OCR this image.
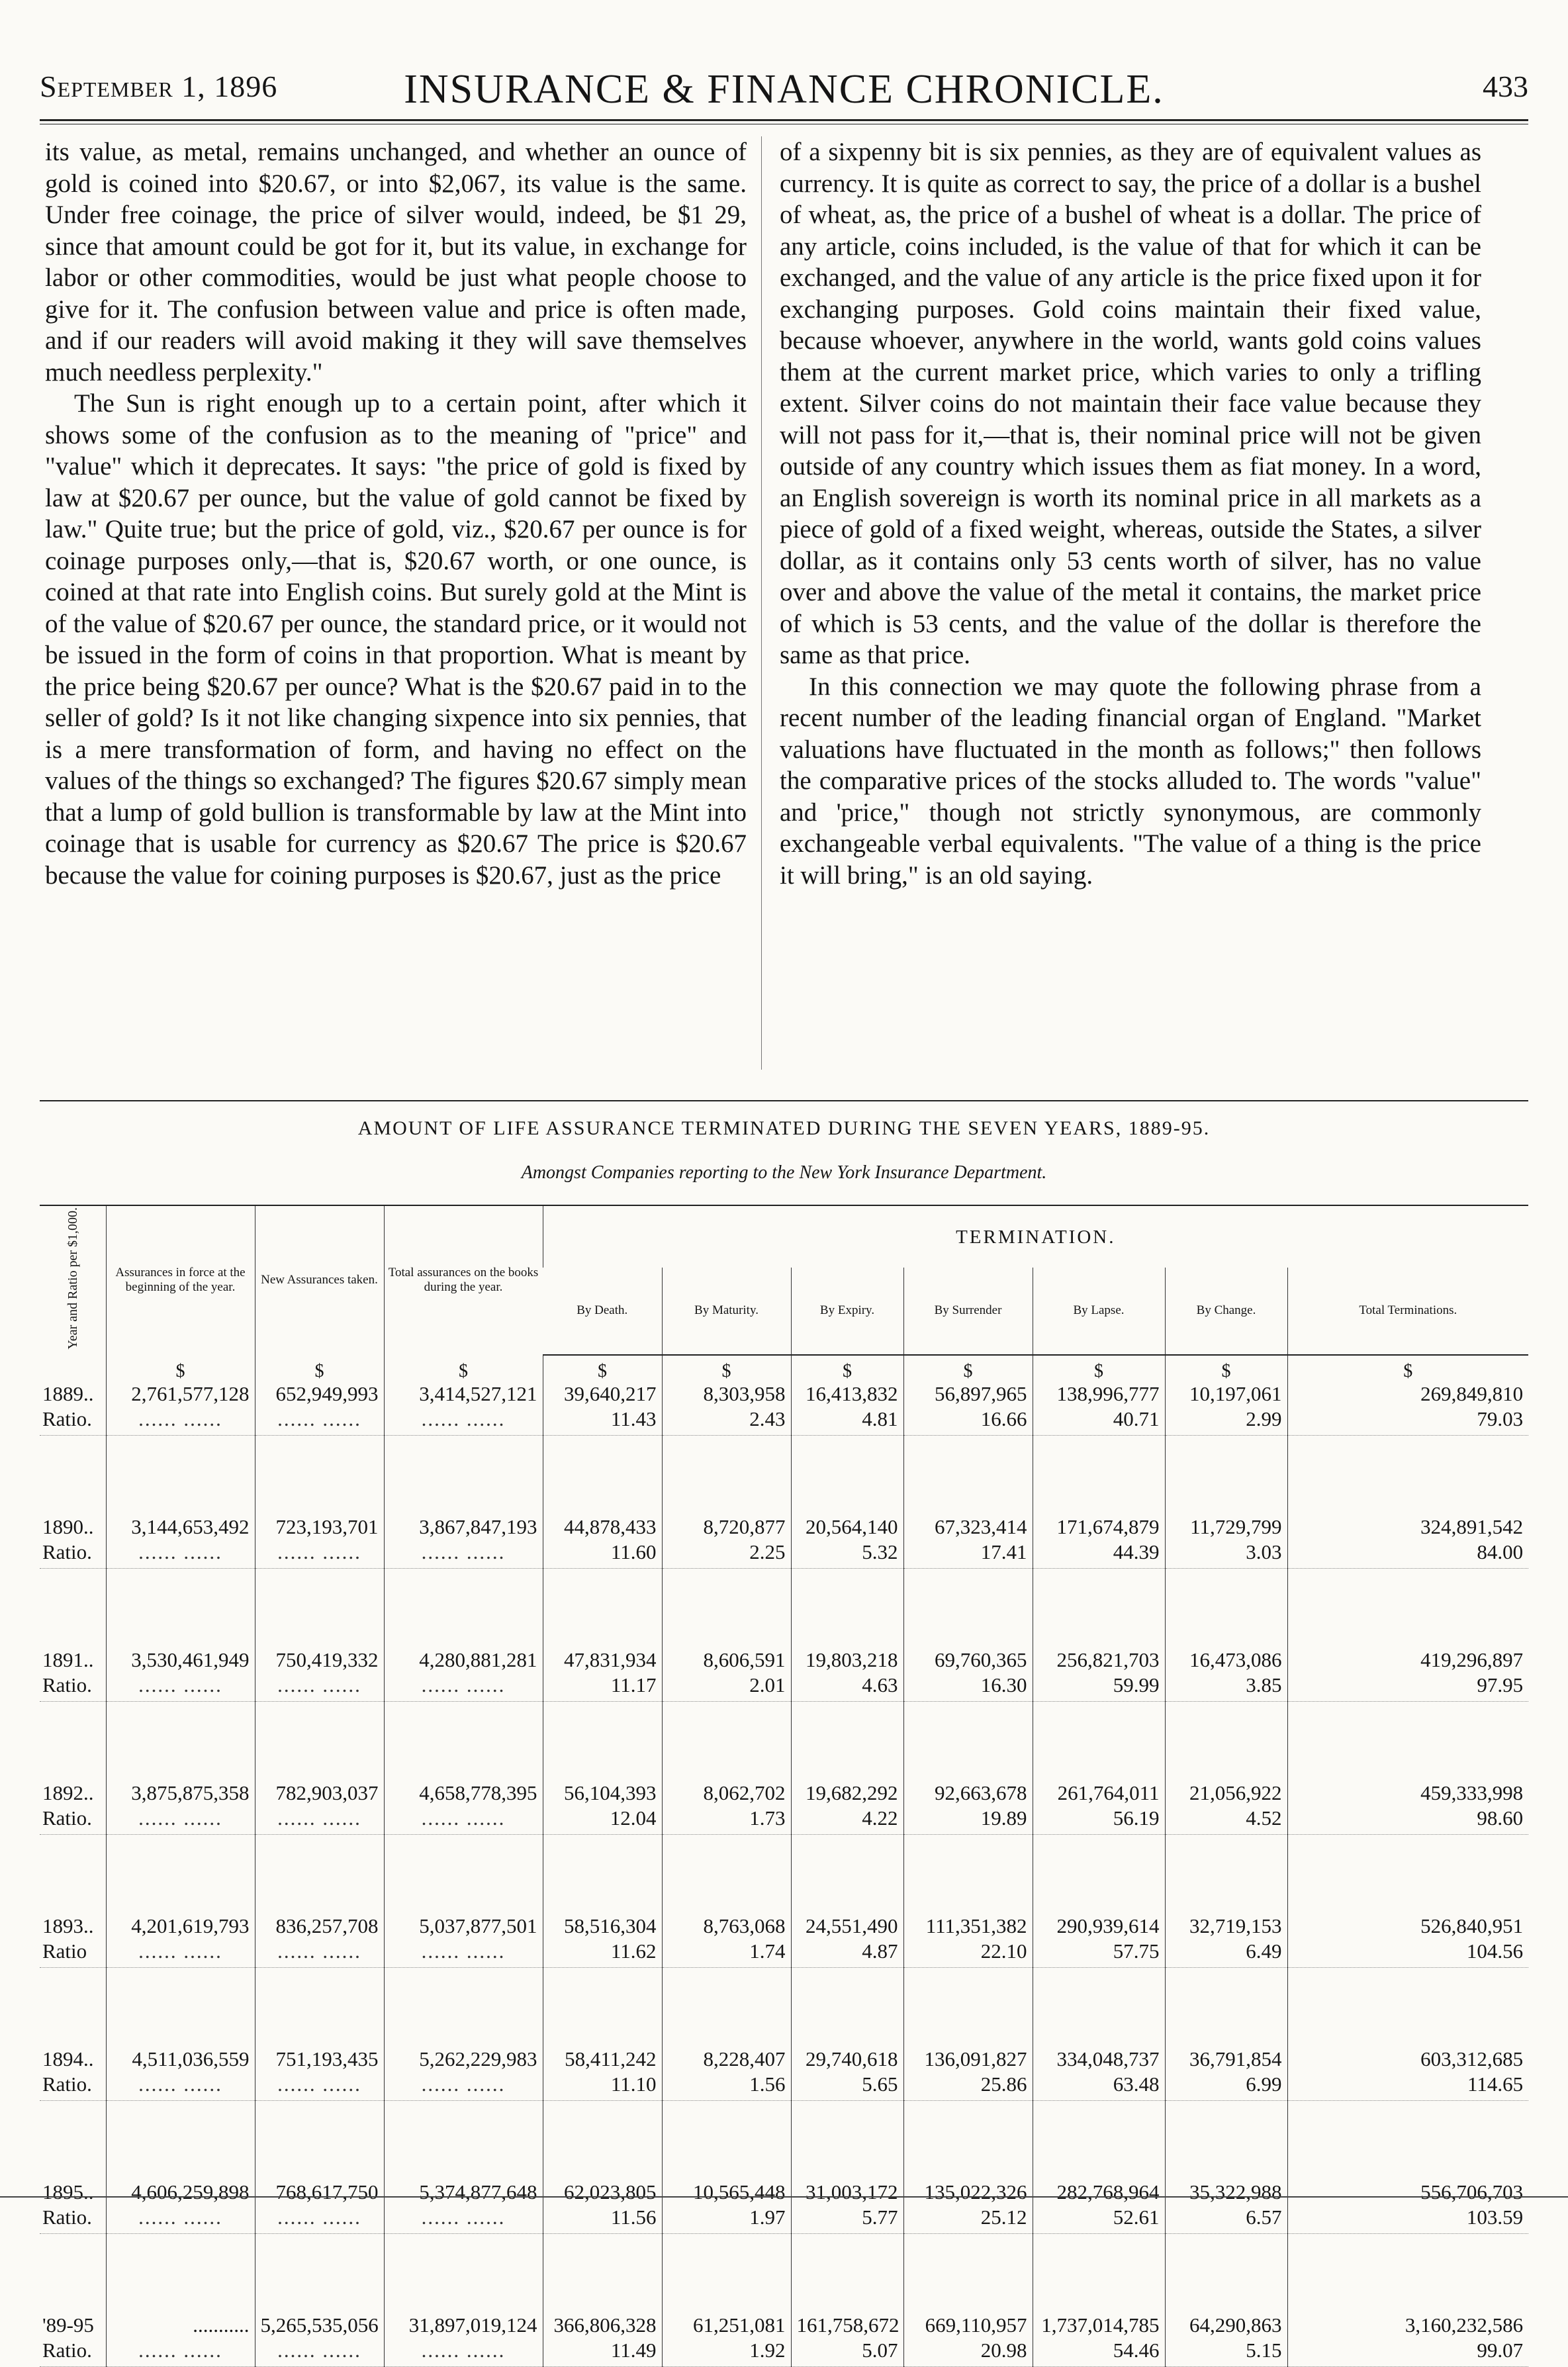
September 1, 1896	INSURANCE & FINANCE CHRONICLE.	433

its value, as metal, remains unchanged, and whether an ounce of gold is coined into $20.67, or into $2,067, its value is the same. Under free coinage, the price of silver would, indeed, be $1 29, since that amount could be got for it, but its value, in exchange for labor or other commodities, would be just what people choose to give for it. The confusion between value and price is often made, and if our readers will avoid making it they will save themselves much needless perplexity."

The Sun is right enough up to a certain point, after which it shows some of the confusion as to the meaning of "price" and "value" which it deprecates. It says: "the price of gold is fixed by law at $20.67 per ounce, but the value of gold cannot be fixed by law." Quite true; but the price of gold, viz., $20.67 per ounce is for coinage purposes only,—that is, $20.67 worth, or one ounce, is coined at that rate into English coins. But surely gold at the Mint is of the value of $20.67 per ounce, the standard price, or it would not be issued in the form of coins in that proportion. What is meant by the price being $20.67 per ounce? What is the $20.67 paid in to the seller of gold? Is it not like changing sixpence into six pennies, that is a mere transformation of form, and having no effect on the values of the things so exchanged? The figures $20.67 simply mean that a lump of gold bullion is transformable by law at the Mint into coinage that is usable for currency as $20.67 The price is $20.67 because the value for coining purposes is $20.67, just as the price

of a sixpenny bit is six pennies, as they are of equivalent values as currency. It is quite as correct to say, the price of a dollar is a bushel of wheat, as, the price of a bushel of wheat is a dollar. The price of any article, coins included, is the value of that for which it can be exchanged, and the value of any article is the price fixed upon it for exchanging purposes. Gold coins maintain their fixed value, because whoever, anywhere in the world, wants gold coins values them at the current market price, which varies to only a trifling extent. Silver coins do not maintain their face value because they will not pass for it,—that is, their nominal price will not be given outside of any country which issues them as fiat money. In a word, an English sovereign is worth its nominal price in all markets as a piece of gold of a fixed weight, whereas, outside the States, a silver dollar, as it contains only 53 cents worth of silver, has no value over and above the value of the metal it contains, the market price of which is 53 cents, and the value of the dollar is therefore the same as that price.

In this connection we may quote the following phrase from a recent number of the leading financial organ of England. "Market valuations have fluctuated in the month as follows;" then follows the comparative prices of the stocks alluded to. The words "value" and 'price," though not strictly synonymous, are commonly exchangeable verbal equivalents. "The value of a thing is the price it will bring," is an old saying.

AMOUNT OF LIFE ASSURANCE TERMINATED DURING THE SEVEN YEARS, 1889-95.
Amongst Companies reporting to the New York Insurance Department.
Year and Ratio per $1,000.	Assurances in force at the beginning of the year.	New Assurances taken.	Total assurances on the books during the year.	TERMINATION.						
				By Death.	By Maturity.	By Expiry.	By Surrender	By Lapse.	By Change.	Total Terminations.
	$	$	$	$	$	$	$	$	$	$
1889..	2,761,577,128	652,949,993	3,414,527,121	39,640,217	8,303,958	16,413,832	56,897,965	138,996,777	10,197,061	269,849,810
Ratio.	...... ......	...... ......	...... ......	11.43	2.43	4.81	16.66	40.71	2.99	79.03

1890..	3,144,653,492	723,193,701	3,867,847,193	44,878,433	8,720,877	20,564,140	67,323,414	171,674,879	11,729,799	324,891,542
Ratio.	...... ......	...... ......	...... ......	11.60	2.25	5.32	17.41	44.39	3.03	84.00

1891..	3,530,461,949	750,419,332	4,280,881,281	47,831,934	8,606,591	19,803,218	69,760,365	256,821,703	16,473,086	419,296,897
Ratio.	...... ......	...... ......	...... ......	11.17	2.01	4.63	16.30	59.99	3.85	97.95

1892..	3,875,875,358	782,903,037	4,658,778,395	56,104,393	8,062,702	19,682,292	92,663,678	261,764,011	21,056,922	459,333,998
Ratio.	...... ......	...... ......	...... ......	12.04	1.73	4.22	19.89	56.19	4.52	98.60

1893..	4,201,619,793	836,257,708	5,037,877,501	58,516,304	8,763,068	24,551,490	111,351,382	290,939,614	32,719,153	526,840,951
Ratio	...... ......	...... ......	...... ......	11.62	1.74	4.87	22.10	57.75	6.49	104.56

1894..	4,511,036,559	751,193,435	5,262,229,983	58,411,242	8,228,407	29,740,618	136,091,827	334,048,737	36,791,854	603,312,685
Ratio.	...... ......	...... ......	...... ......	11.10	1.56	5.65	25.86	63.48	6.99	114.65

1895..	4,606,259,898	768,617,750	5,374,877,648	62,023,805	10,565,448	31,003,172	135,022,326	282,768,964	35,322,988	556,706,703
Ratio.	...... ......	...... ......	...... ......	11.56	1.97	5.77	25.12	52.61	6.57	103.59

'89-95	...........	5,265,535,056	31,897,019,124	366,806,328	61,251,081	161,758,672	669,110,957	1,737,014,785	64,290,863	3,160,232,586
Ratio.	...... ......	...... ......	...... ......	11.49	1.92	5.07	20.98	54.46	5.15	99.07
